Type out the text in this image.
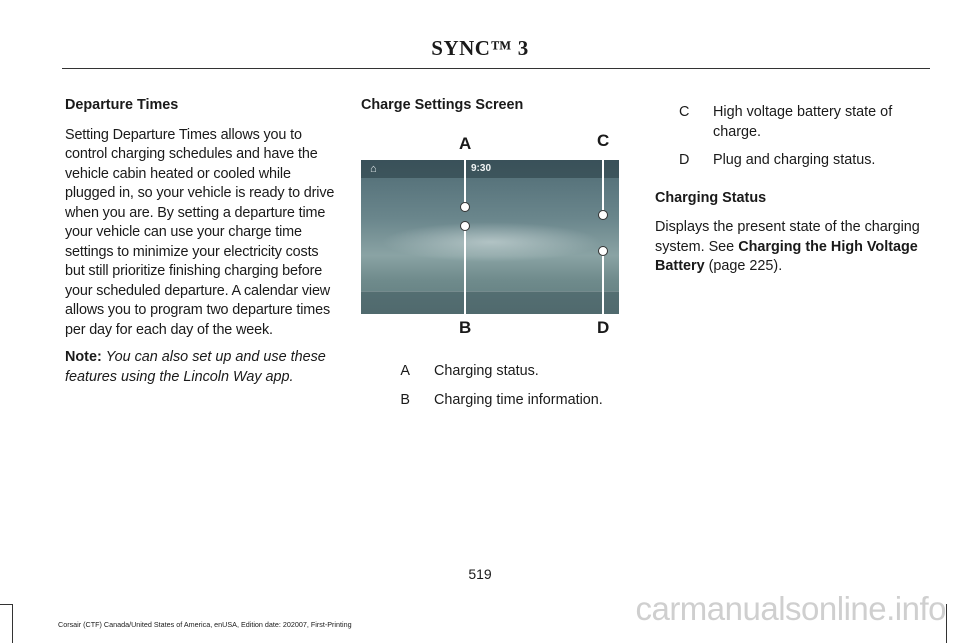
SYNC™ 3
Departure Times

Setting Departure Times allows you to control charging schedules and have the vehicle cabin heated or cooled while plugged in, so your vehicle is ready to drive when you are. By setting a departure time your vehicle can use your charge time settings to minimize your electricity costs but still prioritize finishing charging before your scheduled departure. A calendar view allows you to program two departure times per day for each day of the week.

Note: You can also set up and use these features using the Lincoln Way app.

Charge Settings Screen
⌂	9:30
A	C
B	D
A	Charging status.
B	Charging time information.
C	High voltage battery state of charge.
D	Plug and charging status.
Charging Status

Displays the present state of the charging system. See Charging the High Voltage Battery (page 225).

519
Corsair (CTF) Canada/United States of America, enUSA, Edition date: 202007, First-Printing	carmanualsonline.info
